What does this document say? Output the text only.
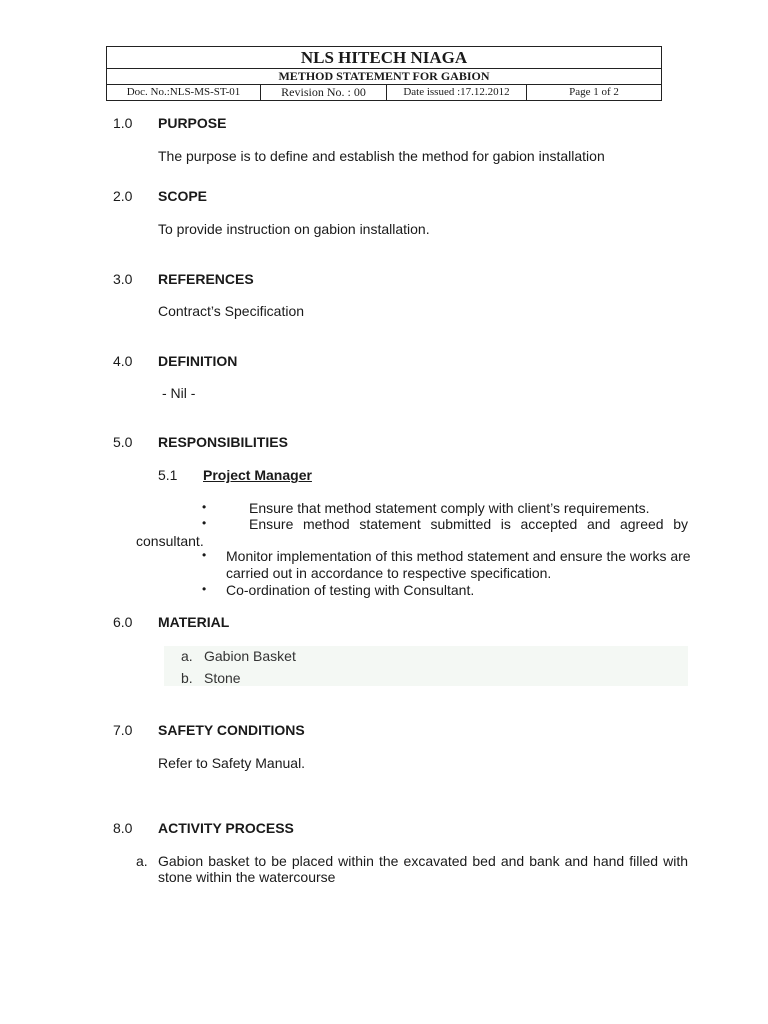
NLS HITECH NIAGA
METHOD STATEMENT FOR GABION
Doc. No.:NLS-MS-ST-01	Revision No. : 00	Date issued :17.12.2012	Page 1 of 2
1.0 PURPOSE
The purpose is to define and establish the method for gabion installation
2.0 SCOPE
To provide instruction on gabion installation.
3.0 REFERENCES
Contract’s Specification
4.0 DEFINITION
- Nil -
5.0 RESPONSIBILITIES
5.1 Project Manager
•	Ensure that method statement comply with client’s requirements.
•	Ensure method statement submitted is accepted and agreed by
consultant.
• Monitor implementation of this method statement and ensure the works are
carried out in accordance to respective specification.
• Co-ordination of testing with Consultant.
6.0 MATERIAL
a. Gabion Basket
b. Stone
7.0 SAFETY CONDITIONS
Refer to Safety Manual.
8.0 ACTIVITY PROCESS
a. Gabion basket to be placed within the excavated bed and bank and hand filled with
stone within the watercourse
